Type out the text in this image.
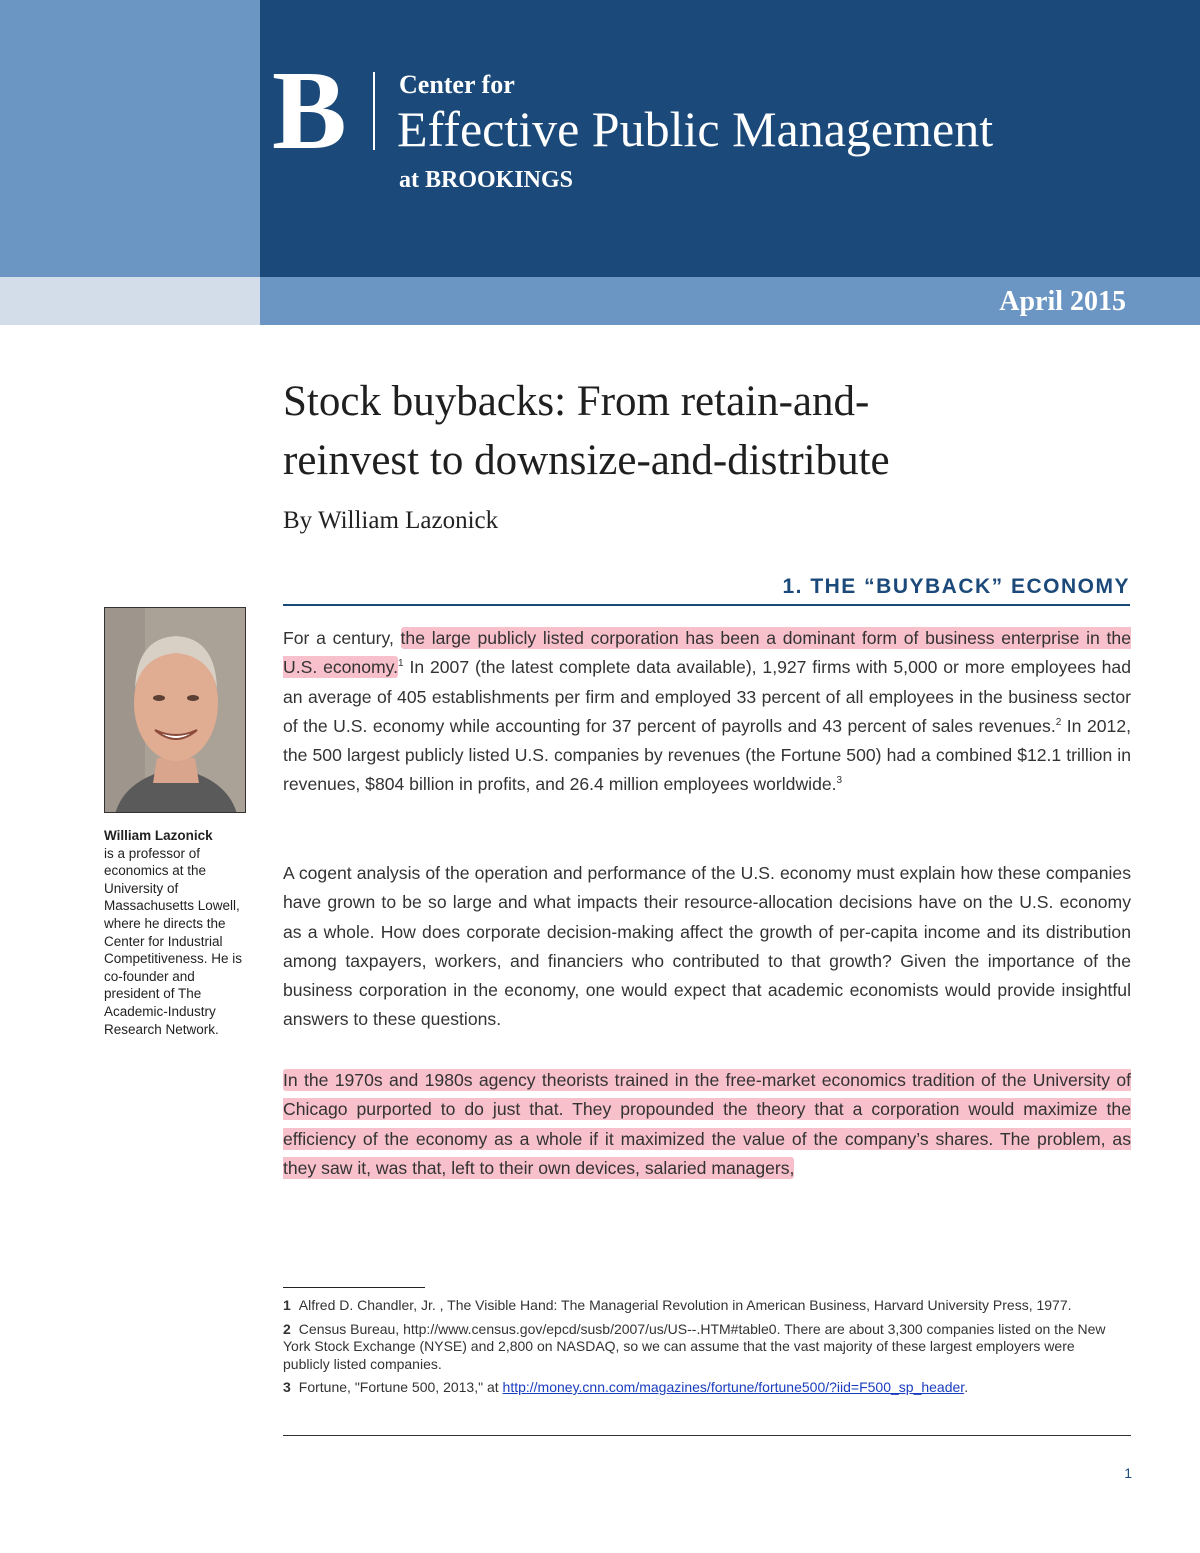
B Center for
Effective Public Management
at BROOKINGS
April 2015
Stock buybacks: From retain-and-
reinvest to downsize-and-distribute
By William Lazonick
1. THE “BUYBACK” ECONOMY
William Lazonick
is a professor of economics at the University of Massachusetts Lowell, where he directs the Center for Industrial Competitiveness. He is co-founder and president of The Academic-Industry Research Network.
For a century, the large publicly listed corporation has been a dominant form of business enterprise in the U.S. economy.$^1$ In 2007 (the latest complete data available), 1,927 firms with 5,000 or more employees had an average of 405 establishments per firm and employed 33 percent of all employees in the business sector of the U.S. economy while accounting for 37 percent of payrolls and 43 percent of sales revenues.$^2$ In 2012, the 500 largest publicly listed U.S. companies by revenues (the Fortune 500) had a combined $12.1 trillion in revenues, $804 billion in profits, and 26.4 million employees worldwide.$^3$
A cogent analysis of the operation and performance of the U.S. economy must explain how these companies have grown to be so large and what impacts their resource-allocation decisions have on the U.S. economy as a whole. How does corporate decision-making affect the growth of per-capita income and its distribution among taxpayers, workers, and financiers who contributed to that growth? Given the importance of the business corporation in the economy, one would expect that academic economists would provide insightful answers to these questions.
In the 1970s and 1980s agency theorists trained in the free-market economics tradition of the University of Chicago purported to do just that. They propounded the theory that a corporation would maximize the efficiency of the economy as a whole if it maximized the value of the company’s shares. The problem, as they saw it, was that, left to their own devices, salaried managers,
1 Alfred D. Chandler, Jr. , The Visible Hand: The Managerial Revolution in American Business, Harvard University Press, 1977.
2 Census Bureau, http://www.census.gov/epcd/susb/2007/us/US--.HTM#table0. There are about 3,300 companies listed on the New York Stock Exchange (NYSE) and 2,800 on NASDAQ, so we can assume that the vast majority of these largest employers were publicly listed companies.
3 Fortune, "Fortune 500, 2013," at http://money.cnn.com/magazines/fortune/fortune500/?iid=F500_sp_header.
1
